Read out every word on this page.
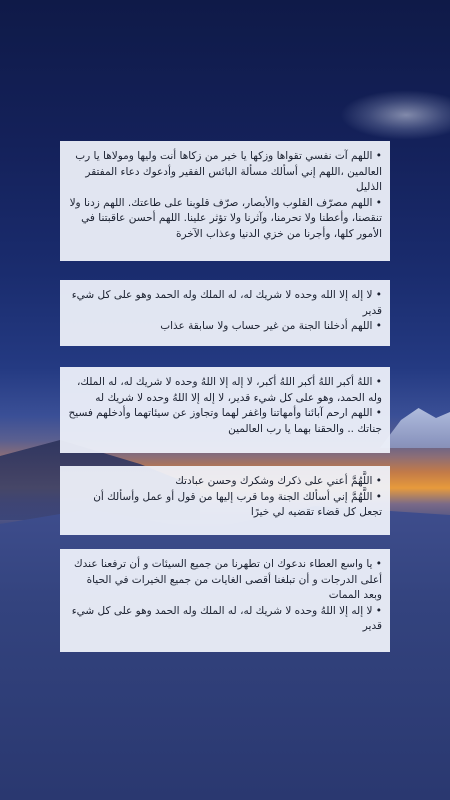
• اللهم آت نفسي تقواها وزكها يا خير من زكاها أنت وليها ومولاها يا رب العالمين ،اللهم إني أسألك مسألة البائس الفقير وأدعوك دعاء المفتقر الذليل

• اللهم مصرّف القلوب والأبصار، صرّف قلوبنا على طاعتك. اللهم زدنا ولا تنقصنا، وأعطنا ولا تحرمنا، وآثرنا ولا تؤثر علينا. اللهم أحسن عاقبتنا في الأمور كلها، وأجرنا من خزي الدنيا وعذاب الآخرة

• لا إله إلا الله وحده لا شريك له، له الملك وله الحمد وهو على كل شيء قدير

• اللهم أدخلنا الجنة من غير حساب ولا سابقة عذاب

• اللهُ أكبر اللهُ أكبر اللهُ أكبر، لا إله إلا اللهُ وحده لا شريك له، له الملك، وله الحمد، وهو على كل شيء قدير، لا إله إلا اللهُ وحده لا شريك له

• اللهم ارحم آبائنا وأمهاتنا واغفر لهما وتجاوز عن سيئاتهما وأدخلهم فسيح جناتك .. والحقنا بهما يا رب العالمين

• اللَّهُمَّ أعني على ذكرك وشكرك وحسن عبادتك

• اللَّهُمَّ إني أسألك الجنة وما قرب إليها من قول أو عمل وأسألك أن تجعل كل قضاء تقضيه لي خيرًا

• يا واسع العطاء ندعوك ان تطهرنا من جميع السيئات و أن ترفعنا عندك أعلى الدرجات و أن تبلغنا أقصى الغايات من جميع الخيرات في الحياة وبعد الممات

• لا إله إلا اللهُ وحده لا شريك له، له الملك وله الحمد وهو على كل شيء قدير
